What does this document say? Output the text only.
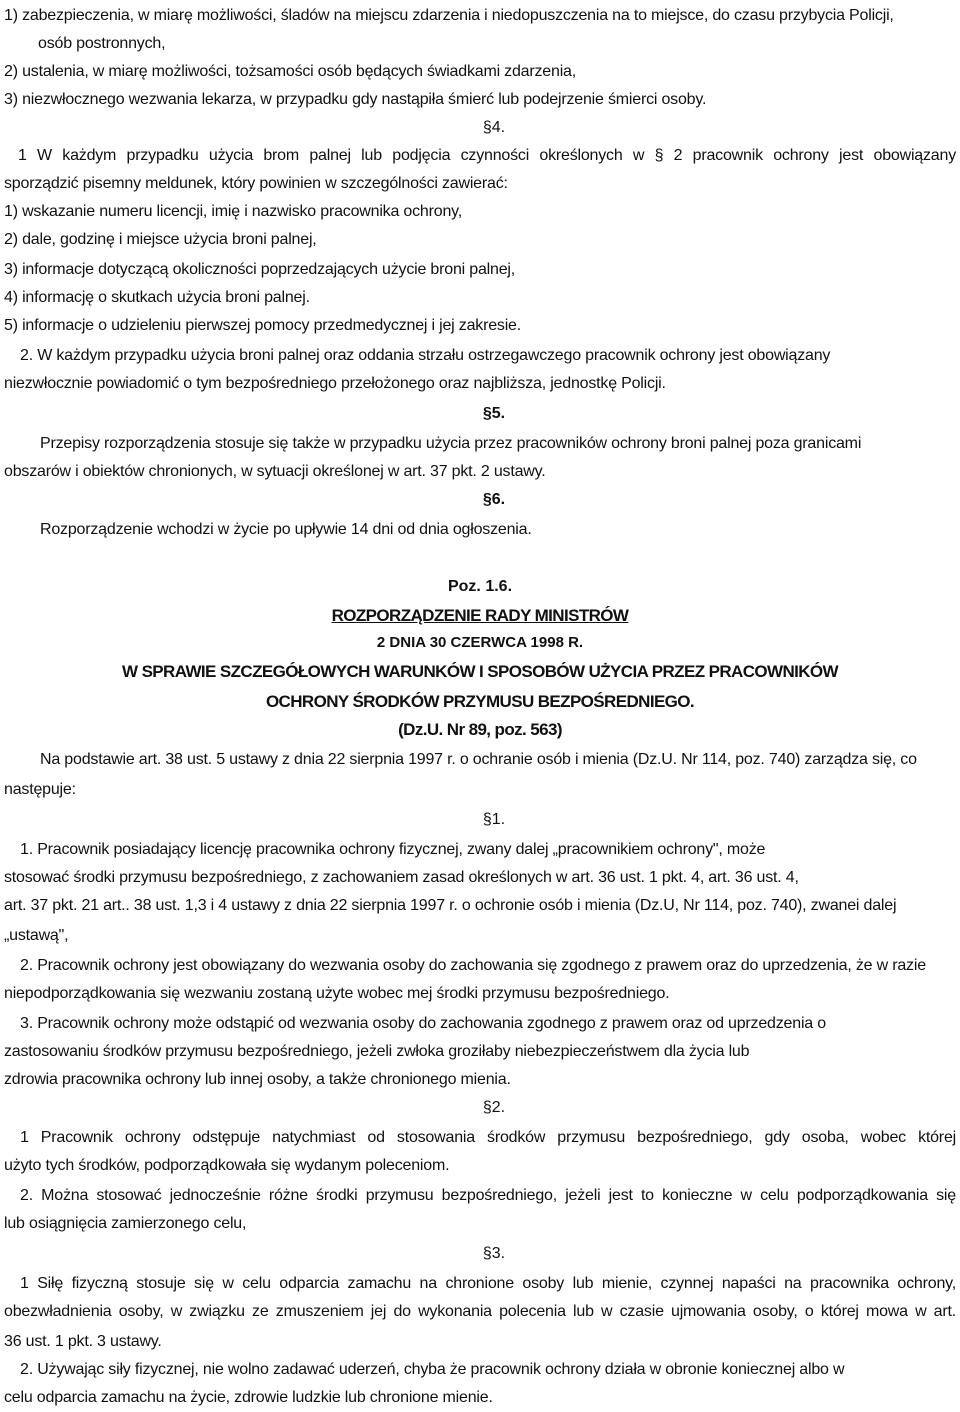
1) zabezpieczenia, w miarę możliwości, śladów na miejscu zdarzenia i niedopuszczenia na to miejsce, do czasu przybycia Policji,
osób postronnych,
2) ustalenia, w miarę możliwości, tożsamości osób będących świadkami zdarzenia,
3) niezwłocznego wezwania lekarza, w przypadku gdy nastąpiła śmierć lub podejrzenie śmierci osoby.
§4.
1 W każdym przypadku użycia brom palnej lub podjęcia czynności określonych w § 2 pracownik ochrony jest obowiązany
sporządzić pisemny meldunek, który powinien w szczególności zawierać:
1) wskazanie numeru licencji, imię i nazwisko pracownika ochrony,
2) dale, godzinę i miejsce użycia broni palnej,
3) informacje dotyczącą okoliczności poprzedzających użycie broni palnej,
4) informację o skutkach użycia broni palnej.
5) informacje o udzieleniu pierwszej pomocy przedmedycznej i jej zakresie.
2. W każdym przypadku użycia broni palnej oraz oddania strzału ostrzegawczego pracownik ochrony jest obowiązany
niezwłocznie powiadomić o tym bezpośredniego przełożonego oraz najbliższa, jednostkę Policji.
§5.
Przepisy rozporządzenia stosuje się także w przypadku użycia przez pracowników ochrony broni palnej poza granicami
obszarów i obiektów chronionych, w sytuacji określonej w art. 37 pkt. 2 ustawy.
§6.
Rozporządzenie wchodzi w życie po upływie 14 dni od dnia ogłoszenia.
Poz. 1.6.
ROZPORZĄDZENIE RADY MINISTRÓW
2 DNIA 30 CZERWCA 1998 R.
W SPRAWIE SZCZEGÓŁOWYCH WARUNKÓW I SPOSOBÓW UŻYCIA PRZEZ PRACOWNIKÓW
OCHRONY ŚRODKÓW PRZYMUSU BEZPOŚREDNIEGO.
(Dz.U. Nr 89, poz. 563)
Na podstawie art. 38 ust. 5 ustawy z dnia 22 sierpnia 1997 r. o ochranie osób i mienia (Dz.U. Nr 114, poz. 740) zarządza się, co
następuje:
§1.
1. Pracownik posiadający licencję pracownika ochrony fizycznej, zwany dalej „pracownikiem ochrony", może
stosować środki przymusu bezpośredniego, z zachowaniem zasad określonych w art. 36 ust. 1 pkt. 4, art. 36 ust. 4,
art. 37 pkt. 21 art.. 38 ust. 1,3 i 4 ustawy z dnia 22 sierpnia 1997 r. o ochronie osób i mienia (Dz.U, Nr 114, poz. 740), zwanei dalej
„ustawą",
2. Pracownik ochrony jest obowiązany do wezwania osoby do zachowania się zgodnego z prawem oraz do uprzedzenia, że w razie
niepodporządkowania się wezwaniu zostaną użyte wobec mej środki przymusu bezpośredniego.
3. Pracownik ochrony może odstąpić od wezwania osoby do zachowania zgodnego z prawem oraz od uprzedzenia o
zastosowaniu środków przymusu bezpośredniego, jeżeli zwłoka groziłaby niebezpieczeństwem dla życia lub
zdrowia pracownika ochrony lub innej osoby, a także chronionego mienia.
§2.
1 Pracownik ochrony odstępuje natychmiast od stosowania środków przymusu bezpośredniego, gdy osoba, wobec której
użyto tych środków, podporządkowała się wydanym poleceniom.
2. Można stosować jednocześnie różne środki przymusu bezpośredniego, jeżeli jest to konieczne w celu podporządkowania się
lub osiągnięcia zamierzonego celu,
§3.
1 Siłę fizyczną stosuje się w celu odparcia zamachu na chronione osoby lub mienie, czynnej napaści na pracownika ochrony,
obezwładnienia osoby, w związku ze zmuszeniem jej do wykonania polecenia lub w czasie ujmowania osoby, o której mowa w art.
36 ust. 1 pkt. 3 ustawy.
2. Używając siły fizycznej, nie wolno zadawać uderzeń, chyba że pracownik ochrony działa w obronie koniecznej albo w
celu odparcia zamachu na życie, zdrowie ludzkie lub chronione mienie.
